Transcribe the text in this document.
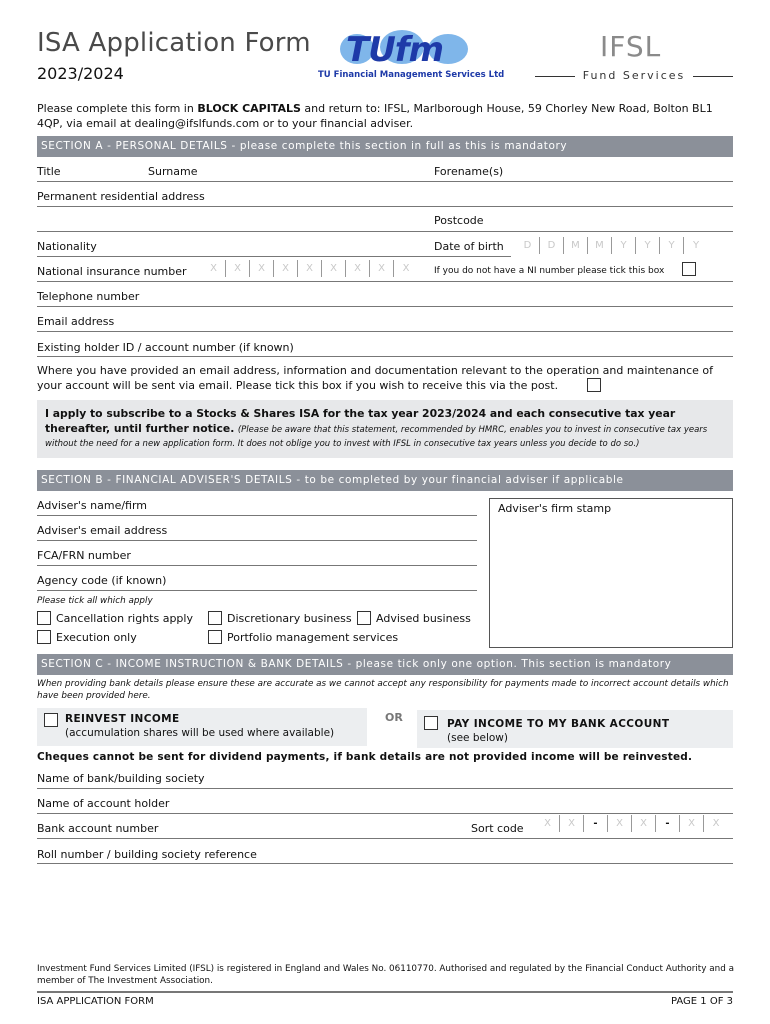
ISA Application Form
2023/2024
TUfm
TU Financial Management Services Ltd
IFSL
Fund Services
Please complete this form in BLOCK CAPITALS and return to: IFSL, Marlborough House, 59 Chorley New Road, Bolton BL1 4QP, via email at dealing@ifslfunds.com or to your financial adviser.
SECTION A - PERSONAL DETAILS - please complete this section in full as this is mandatory
Title	Surname	Forename(s)
Permanent residential address
Postcode
Nationality	Date of birth	D	D	M	M	Y	Y	Y	Y
National insurance number	X	X	X	X	X	X	X	X	X	If you do not have a NI number please tick this box
Telephone number
Email address
Existing holder ID / account number (if known)
Where you have provided an email address, information and documentation relevant to the operation and maintenance of your account will be sent via email. Please tick this box if you wish to receive this via the post.
I apply to subscribe to a Stocks & Shares ISA for the tax year 2023/2024 and each consecutive tax year thereafter, until further notice. (Please be aware that this statement, recommended by HMRC, enables you to invest in consecutive tax years without the need for a new application form. It does not oblige you to invest with IFSL in consecutive tax years unless you decide to do so.)
SECTION B - FINANCIAL ADVISER'S DETAILS - to be completed by your financial adviser if applicable
Adviser's name/firm
Adviser's email address
FCA/FRN number
Agency code (if known)
Please tick all which apply
Cancellation rights apply	Discretionary business Advised business
Execution only	Portfolio management services
Adviser's firm stamp
SECTION C - INCOME INSTRUCTION & BANK DETAILS - please tick only one option. This section is mandatory
When providing bank details please ensure these are accurate as we cannot accept any responsibility for payments made to incorrect account details which have been provided here.
REINVEST INCOME
(accumulation shares will be used where available)
OR	PAY INCOME TO MY BANK ACCOUNT
(see below)
Cheques cannot be sent for dividend payments, if bank details are not provided income will be reinvested.
Name of bank/building society
Name of account holder
Bank account number	Sort code	X	X	-	X	X	-	X	X
Roll number / building society reference
Investment Fund Services Limited (IFSL) is registered in England and Wales No. 06110770. Authorised and regulated by the Financial Conduct Authority and a member of The Investment Association.
ISA APPLICATION FORM	PAGE 1 OF 3
